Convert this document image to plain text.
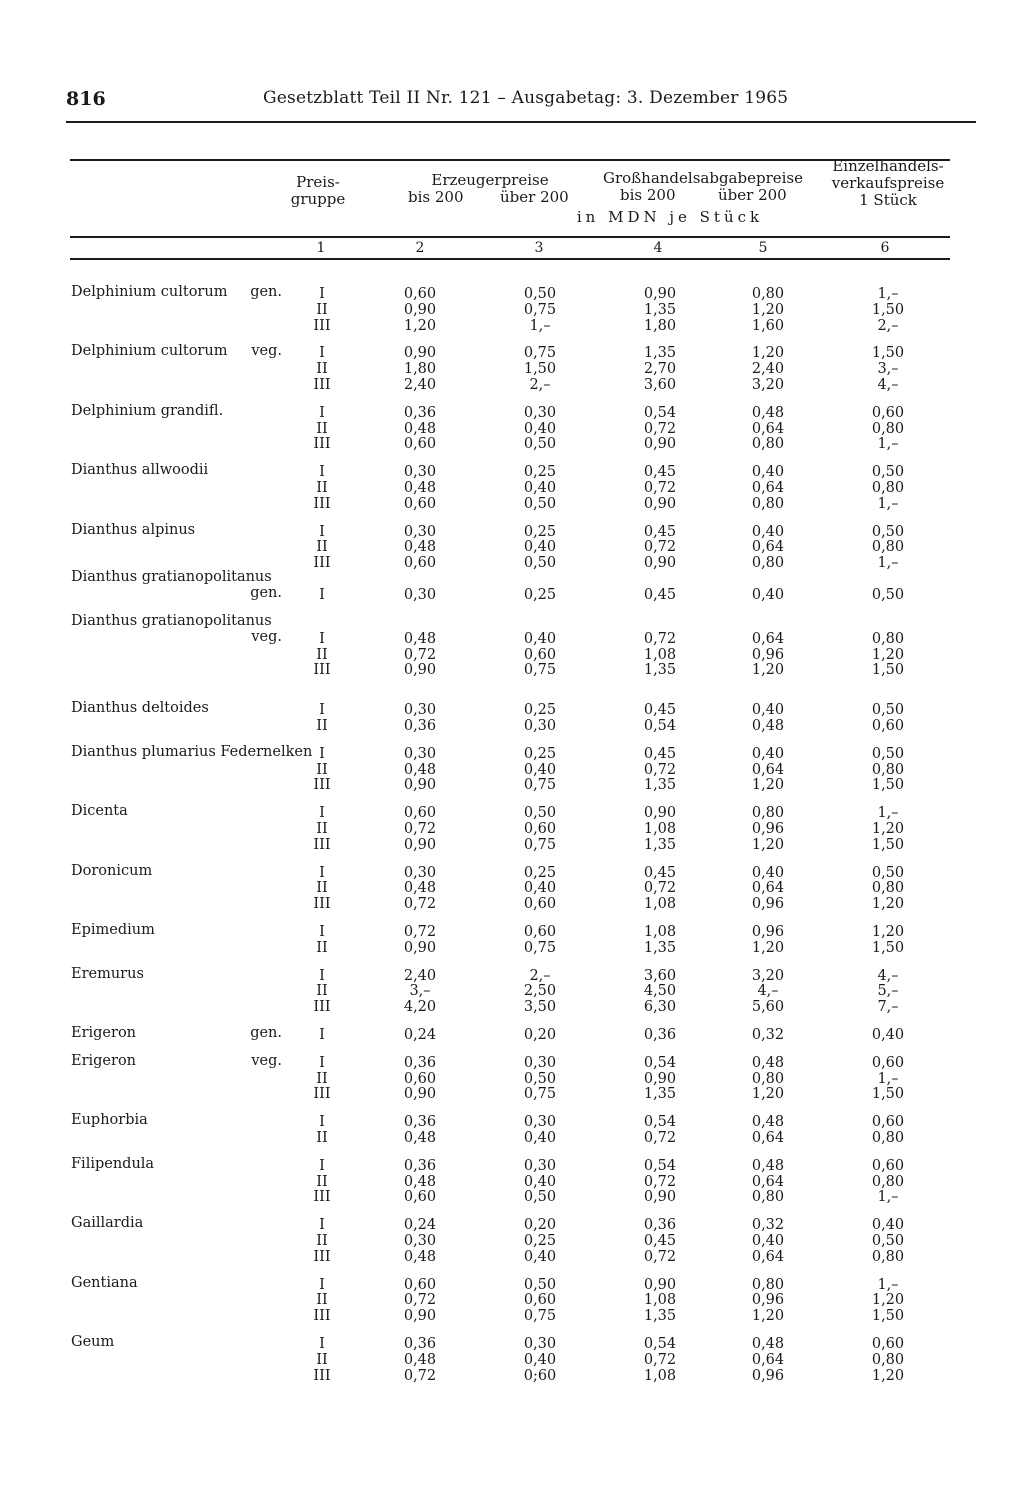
816	Gesetzblatt Teil II Nr. 121 – Ausgabetag: 3. Dezember 1965
Preis-
gruppe
Erzeugerpreise
bis 200 über 200
Großhandelsabgabepreise
bis 200	über 200
Einzelhandels-
verkaufspreise
1 Stück
in MDN je Stück
1	2	3	4	5	6
Delphinium cultorum gen.	I	0,60	0,50	0,90	0,80	1,–
II	0,90	0,75	1,35	1,20	1,50
III	1,20	1,–	1,80	1,60	2,–
Delphinium cultorum veg.	I	0,90	0,75	1,35	1,20	1,50
II	1,80	1,50	2,70	2,40	3,–
III	2,40	2,–	3,60	3,20	4,–
Delphinium grandifl.	I	0,36	0,30	0,54	0,48	0,60
II	0,48	0,40	0,72	0,64	0,80
III	0,60	0,50	0,90	0,80	1,–
Dianthus allwoodii	I	0,30	0,25	0,45	0,40	0,50
II	0,48	0,40	0,72	0,64	0,80
III	0,60	0,50	0,90	0,80	1,–
Dianthus alpinus	I	0,30	0,25	0,45	0,40	0,50
II	0,48	0,40	0,72	0,64	0,80
III	0,60	0,50	0,90	0,80	1,–
Dianthus gratianopolitanus
gen.	I	0,30	0,25	0,45	0,40	0,50
Dianthus gratianopolitanus
veg.	I	0,48	0,40	0,72	0,64	0,80
II	0,72	0,60	1,08	0,96	1,20
III	0,90	0,75	1,35	1,20	1,50
Dianthus deltoides	I	0,30	0,25	0,45	0,40	0,50
II	0,36	0,30	0,54	0,48	0,60
Dianthus plumarius Federnelken I	0,30	0,25	0,45	0,40	0,50
II	0,48	0,40	0,72	0,64	0,80
III	0,90	0,75	1,35	1,20	1,50
Dicenta	I	0,60	0,50	0,90	0,80	1,–
II	0,72	0,60	1,08	0,96	1,20
III	0,90	0,75	1,35	1,20	1,50
Doronicum	I	0,30	0,25	0,45	0,40	0,50
II	0,48	0,40	0,72	0,64	0,80
III	0,72	0,60	1,08	0,96	1,20
Epimedium	I	0,72	0,60	1,08	0,96	1,20
II	0,90	0,75	1,35	1,20	1,50
Eremurus	I	2,40	2,–	3,60	3,20	4,–
II	3,–	2,50	4,50	4,–	5,–
III	4,20	3,50	6,30	5,60	7,–
Erigeron	gen.	I	0,24	0,20	0,36	0,32	0,40
Erigeron	veg.	I	0,36	0,30	0,54	0,48	0,60
II	0,60	0,50	0,90	0,80	1,–
III	0,90	0,75	1,35	1,20	1,50
Euphorbia	I	0,36	0,30	0,54	0,48	0,60
II	0,48	0,40	0,72	0,64	0,80
Filipendula	I	0,36	0,30	0,54	0,48	0,60
II	0,48	0,40	0,72	0,64	0,80
III	0,60	0,50	0,90	0,80	1,–
Gaillardia	I	0,24	0,20	0,36	0,32	0,40
II	0,30	0,25	0,45	0,40	0,50
III	0,48	0,40	0,72	0,64	0,80
Gentiana	I	0,60	0,50	0,90	0,80	1,–
II	0,72	0,60	1,08	0,96	1,20
III	0,90	0,75	1,35	1,20	1,50
Geum	I	0,36	0,30	0,54	0,48	0,60
II	0,48	0,40	0,72	0,64	0,80
III	0,72	0;60	1,08	0,96	1,20
